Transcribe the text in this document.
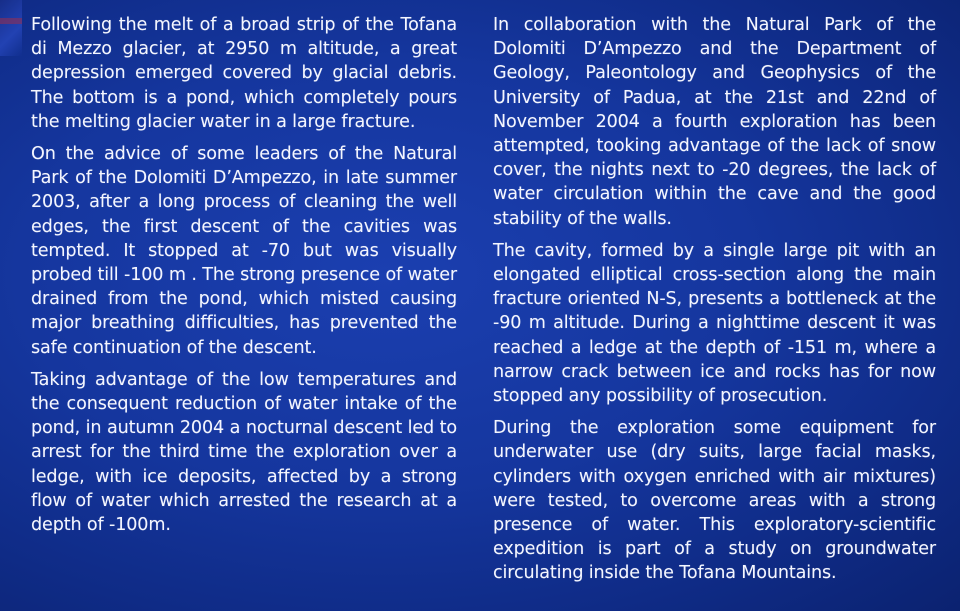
Following the melt of a broad strip of the Tofana di Mezzo glacier, at 2950 m altitude, a great depression emerged covered by glacial debris. The bottom is a pond, which completely pours the melting glacier water in a large fracture.

On the advice of some leaders of the Natural Park of the Dolomiti D’Ampezzo, in late summer 2003, after a long process of cleaning the well edges, the first descent of the cavities was tempted. It stopped at -70 but was visually probed till -100 m . The strong presence of water drained from the pond, which misted causing major breathing difficulties, has prevented the safe continuation of the descent.

Taking advantage of the low temperatures and the consequent reduction of water intake of the pond, in autumn 2004 a nocturnal descent led to arrest for the third time the exploration over a ledge, with ice deposits, affected by a strong flow of water which arrested the research at a depth of -100m.

In collaboration with the Natural Park of the Dolomiti D’Ampezzo and the Department of Geology, Paleontology and Geophysics of the University of Padua, at the 21st and 22nd of November 2004 a fourth exploration has been attempted, tooking advantage of the lack of snow cover, the nights next to -20 degrees, the lack of water circulation within the cave and the good stability of the walls.

The cavity, formed by a single large pit with an elongated elliptical cross-section along the main fracture oriented N-S, presents a bottleneck at the -90 m altitude. During a nighttime descent it was reached a ledge at the depth of -151 m, where a narrow crack between ice and rocks has for now stopped any possibility of prosecution.

During the exploration some equipment for underwater use (dry suits, large facial masks, cylinders with oxygen enriched with air mixtures) were tested, to overcome areas with a strong presence of water. This exploratory-scientific expedition is part of a study on groundwater circulating inside the Tofana Mountains.
